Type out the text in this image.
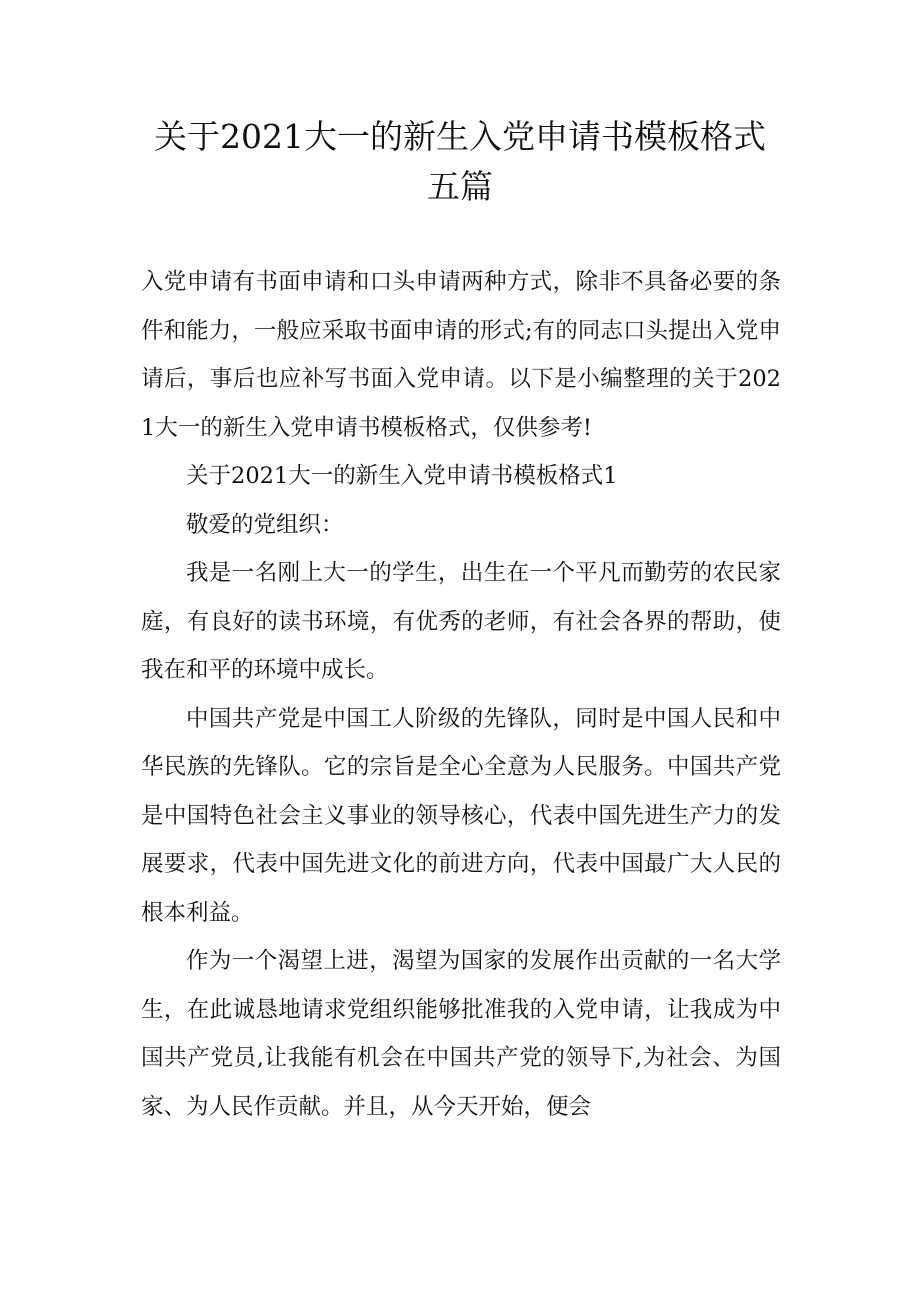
关于2021大一的新生入党申请书模板格式
五篇

入党申请有书面申请和口头申请两种方式，除非不具备必要的条件和能力，一般应采取书面申请的形式;有的同志口头提出入党申请后，事后也应补写书面入党申请。以下是小编整理的关于2021大一的新生入党申请书模板格式，仅供参考!

关于2021大一的新生入党申请书模板格式1

敬爱的党组织：

我是一名刚上大一的学生，出生在一个平凡而勤劳的农民家庭，有良好的读书环境，有优秀的老师，有社会各界的帮助，使我在和平的环境中成长。

中国共产党是中国工人阶级的先锋队，同时是中国人民和中华民族的先锋队。它的宗旨是全心全意为人民服务。中国共产党是中国特色社会主义事业的领导核心，代表中国先进生产力的发展要求，代表中国先进文化的前进方向，代表中国最广大人民的根本利益。

作为一个渴望上进，渴望为国家的发展作出贡献的一名大学生，在此诚恳地请求党组织能够批准我的入党申请，让我成为中国共产党员,让我能有机会在中国共产党的领导下,为社会、为国家、为人民作贡献。并且，从今天开始，便会
